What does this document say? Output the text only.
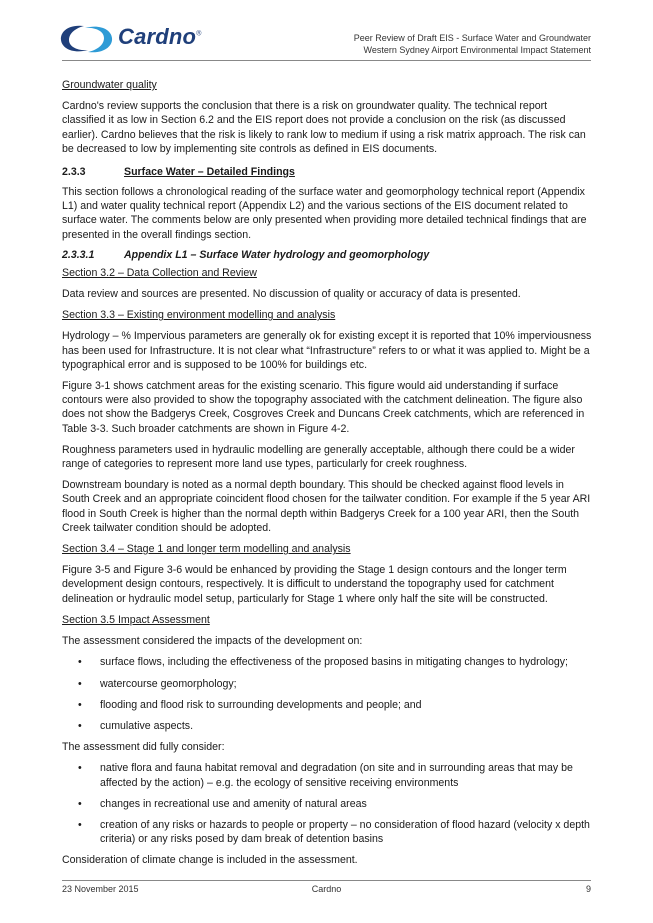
Cardno®	Peer Review of Draft EIS - Surface Water and Groundwater
Western Sydney Airport Environmental Impact Statement

Groundwater quality

Cardno's review supports the conclusion that there is a risk on groundwater quality. The technical report classified it as low in Section 6.2 and the EIS report does not provide a conclusion on the risk (as discussed earlier). Cardno believes that the risk is likely to rank low to medium if using a risk matrix approach. The risk can be decreased to low by implementing site controls as defined in EIS documents.

2.3.3	Surface Water – Detailed Findings

This section follows a chronological reading of the surface water and geomorphology technical report (Appendix L1) and water quality technical report (Appendix L2) and the various sections of the EIS document related to surface water. The comments below are only presented when providing more detailed technical findings that are presented in the overall findings section.

2.3.3.1	Appendix L1 – Surface Water hydrology and geomorphology

Section 3.2 – Data Collection and Review

Data review and sources are presented. No discussion of quality or accuracy of data is presented.

Section 3.3 – Existing environment modelling and analysis

Hydrology – % Impervious parameters are generally ok for existing except it is reported that 10% imperviousness has been used for Infrastructure. It is not clear what “Infrastructure” refers to or what it was applied to. Might be a typographical error and is supposed to be 100% for buildings etc.

Figure 3-1 shows catchment areas for the existing scenario. This figure would aid understanding if surface contours were also provided to show the topography associated with the catchment delineation. The figure also does not show the Badgerys Creek, Cosgroves Creek and Duncans Creek catchments, which are referenced in Table 3-3. Such broader catchments are shown in Figure 4-2.

Roughness parameters used in hydraulic modelling are generally acceptable, although there could be a wider range of categories to represent more land use types, particularly for creek roughness.

Downstream boundary is noted as a normal depth boundary. This should be checked against flood levels in South Creek and an appropriate coincident flood chosen for the tailwater condition. For example if the 5 year ARI flood in South Creek is higher than the normal depth within Badgerys Creek for a 100 year ARI, then the South Creek tailwater condition should be adopted.

Section 3.4 – Stage 1 and longer term modelling and analysis

Figure 3-5 and Figure 3-6 would be enhanced by providing the Stage 1 design contours and the longer term development design contours, respectively. It is difficult to understand the topography used for catchment delineation or hydraulic model setup, particularly for Stage 1 where only half the site will be constructed.

Section 3.5 Impact Assessment

The assessment considered the impacts of the development on:

• surface flows, including the effectiveness of the proposed basins in mitigating changes to hydrology;
• watercourse geomorphology;
• flooding and flood risk to surrounding developments and people; and
• cumulative aspects.

The assessment did fully consider:

• native flora and fauna habitat removal and degradation (on site and in surrounding areas that may be affected by the action) – e.g. the ecology of sensitive receiving environments
• changes in recreational use and amenity of natural areas
• creation of any risks or hazards to people or property – no consideration of flood hazard (velocity x depth criteria) or any risks posed by dam break of detention basins

Consideration of climate change is included in the assessment.

23 November 2015	Cardno	9
